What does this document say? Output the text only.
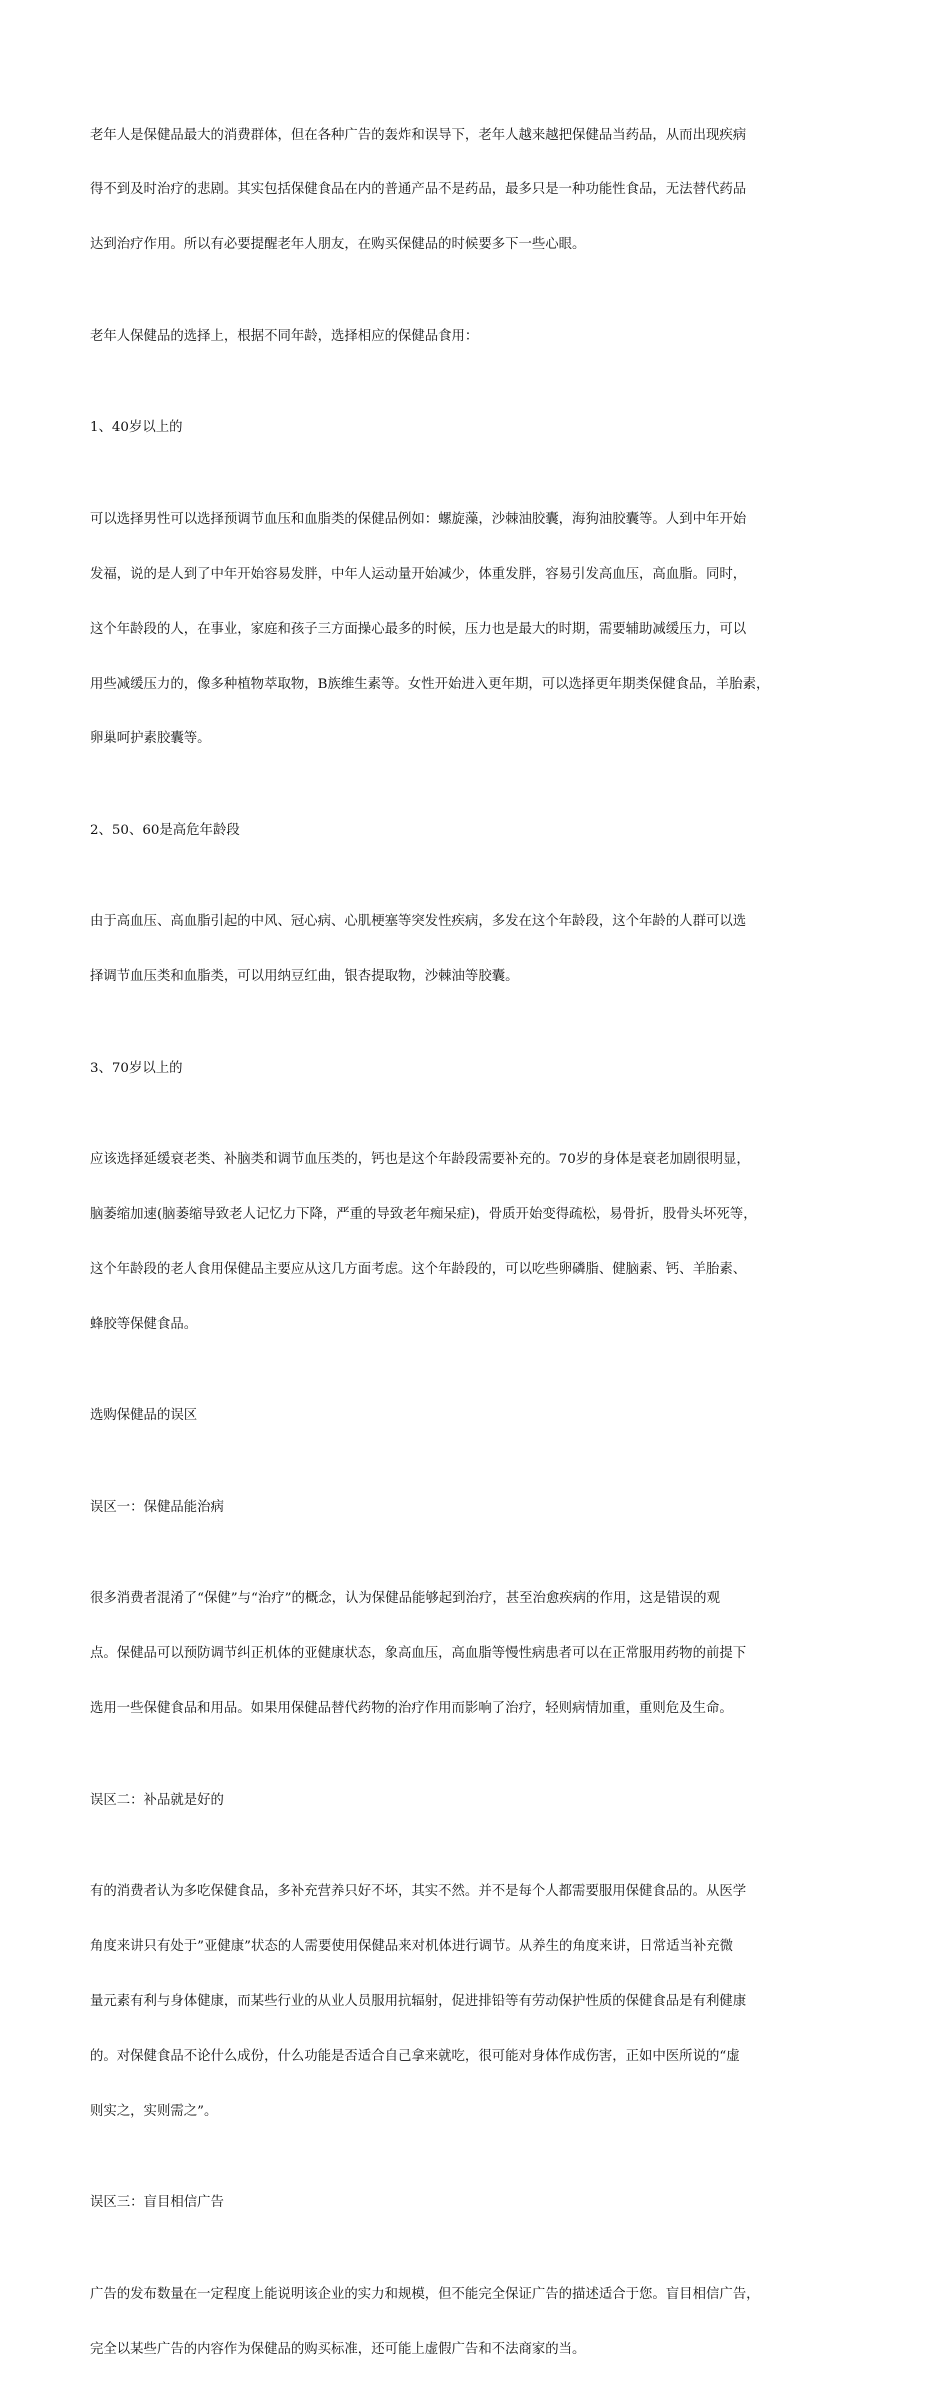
老年人是保健品最大的消费群体，但在各种广告的轰炸和误导下，老年人越来越把保健品当药品，从而出现疾病

得不到及时治疗的悲剧。其实包括保健食品在内的普通产品不是药品，最多只是一种功能性食品，无法替代药品

达到治疗作用。所以有必要提醒老年人朋友，在购买保健品的时候要多下一些心眼。

老年人保健品的选择上，根据不同年龄，选择相应的保健品食用：

1、40岁以上的

可以选择男性可以选择预调节血压和血脂类的保健品例如：螺旋藻，沙棘油胶囊，海狗油胶囊等。人到中年开始

发福，说的是人到了中年开始容易发胖，中年人运动量开始减少，体重发胖，容易引发高血压，高血脂。同时，

这个年龄段的人，在事业，家庭和孩子三方面操心最多的时候，压力也是最大的时期，需要辅助减缓压力，可以

用些减缓压力的，像多种植物萃取物，B族维生素等。女性开始进入更年期，可以选择更年期类保健食品，羊胎素，

卵巢呵护素胶囊等。

2、50、60是高危年龄段

由于高血压、高血脂引起的中风、冠心病、心肌梗塞等突发性疾病，多发在这个年龄段，这个年龄的人群可以选

择调节血压类和血脂类，可以用纳豆红曲，银杏提取物，沙棘油等胶囊。

3、70岁以上的

应该选择延缓衰老类、补脑类和调节血压类的，钙也是这个年龄段需要补充的。70岁的身体是衰老加剧很明显，

脑萎缩加速(脑萎缩导致老人记忆力下降，严重的导致老年痴呆症)，骨质开始变得疏松，易骨折，股骨头坏死等，

这个年龄段的老人食用保健品主要应从这几方面考虑。这个年龄段的，可以吃些卵磷脂、健脑素、钙、羊胎素、

蜂胶等保健食品。

选购保健品的误区

误区一：保健品能治病

很多消费者混淆了“保健”与“治疗”的概念，认为保健品能够起到治疗，甚至治愈疾病的作用，这是错误的观

点。保健品可以预防调节纠正机体的亚健康状态，象高血压，高血脂等慢性病患者可以在正常服用药物的前提下

选用一些保健食品和用品。如果用保健品替代药物的治疗作用而影响了治疗，轻则病情加重，重则危及生命。

误区二：补品就是好的

有的消费者认为多吃保健食品，多补充营养只好不坏，其实不然。并不是每个人都需要服用保健食品的。从医学

角度来讲只有处于”亚健康”状态的人需要使用保健品来对机体进行调节。从养生的角度来讲，日常适当补充微

量元素有利与身体健康，而某些行业的从业人员服用抗辐射，促进排铅等有劳动保护性质的保健食品是有利健康

的。对保健食品不论什么成份，什么功能是否适合自己拿来就吃，很可能对身体作成伤害，正如中医所说的“虚

则实之，实则需之”。

误区三：盲目相信广告

广告的发布数量在一定程度上能说明该企业的实力和规模，但不能完全保证广告的描述适合于您。盲目相信广告，

完全以某些广告的内容作为保健品的购买标准，还可能上虚假广告和不法商家的当。
